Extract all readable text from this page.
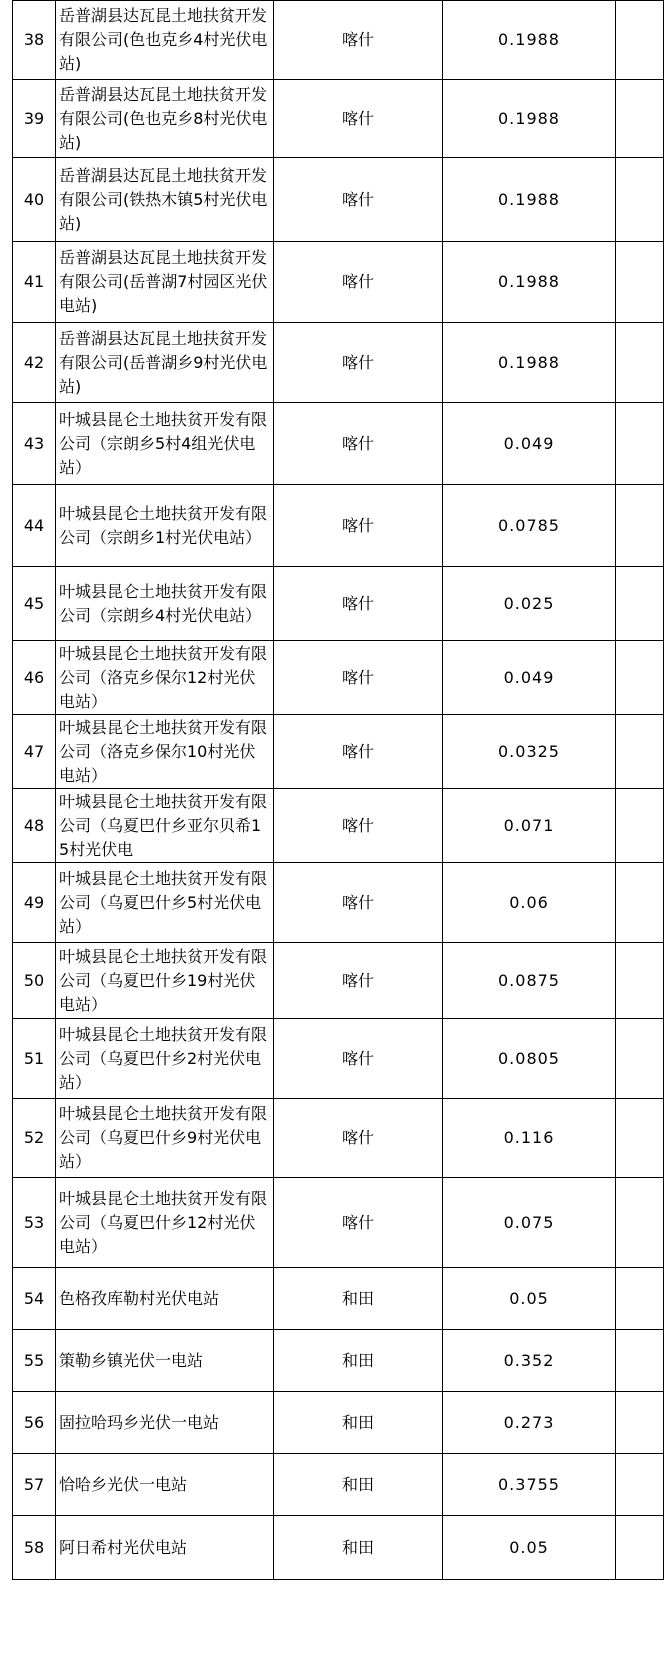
38	岳普湖县达瓦昆土地扶贫开发有限公司(色也克乡4村光伏电站)	喀什	0.1988	
39	岳普湖县达瓦昆土地扶贫开发有限公司(色也克乡8村光伏电站)	喀什	0.1988	
40	岳普湖县达瓦昆土地扶贫开发有限公司(铁热木镇5村光伏电站)	喀什	0.1988	
41	岳普湖县达瓦昆土地扶贫开发有限公司(岳普湖7村园区光伏电站)	喀什	0.1988	
42	岳普湖县达瓦昆土地扶贫开发有限公司(岳普湖乡9村光伏电站)	喀什	0.1988	
43	叶城县昆仑土地扶贫开发有限公司（宗朗乡5村4组光伏电站）	喀什	0.049	
44	叶城县昆仑土地扶贫开发有限公司（宗朗乡1村光伏电站）	喀什	0.0785	
45	叶城县昆仑土地扶贫开发有限公司（宗朗乡4村光伏电站）	喀什	0.025	
46	叶城县昆仑土地扶贫开发有限公司（洛克乡保尔12村光伏电站）	喀什	0.049	
47	叶城县昆仑土地扶贫开发有限公司（洛克乡保尔10村光伏电站）	喀什	0.0325	
48	叶城县昆仑土地扶贫开发有限公司（乌夏巴什乡亚尔贝希15村光伏电	喀什	0.071	
49	叶城县昆仑土地扶贫开发有限公司（乌夏巴什乡5村光伏电站）	喀什	0.06	
50	叶城县昆仑土地扶贫开发有限公司（乌夏巴什乡19村光伏电站）	喀什	0.0875	
51	叶城县昆仑土地扶贫开发有限公司（乌夏巴什乡2村光伏电站）	喀什	0.0805	
52	叶城县昆仑土地扶贫开发有限公司（乌夏巴什乡9村光伏电站）	喀什	0.116	
53	叶城县昆仑土地扶贫开发有限公司（乌夏巴什乡12村光伏电站）	喀什	0.075	
54	色格孜库勒村光伏电站	和田	0.05	
55	策勒乡镇光伏一电站	和田	0.352	
56	固拉哈玛乡光伏一电站	和田	0.273	
57	恰哈乡光伏一电站	和田	0.3755	
58	阿日希村光伏电站	和田	0.05	
